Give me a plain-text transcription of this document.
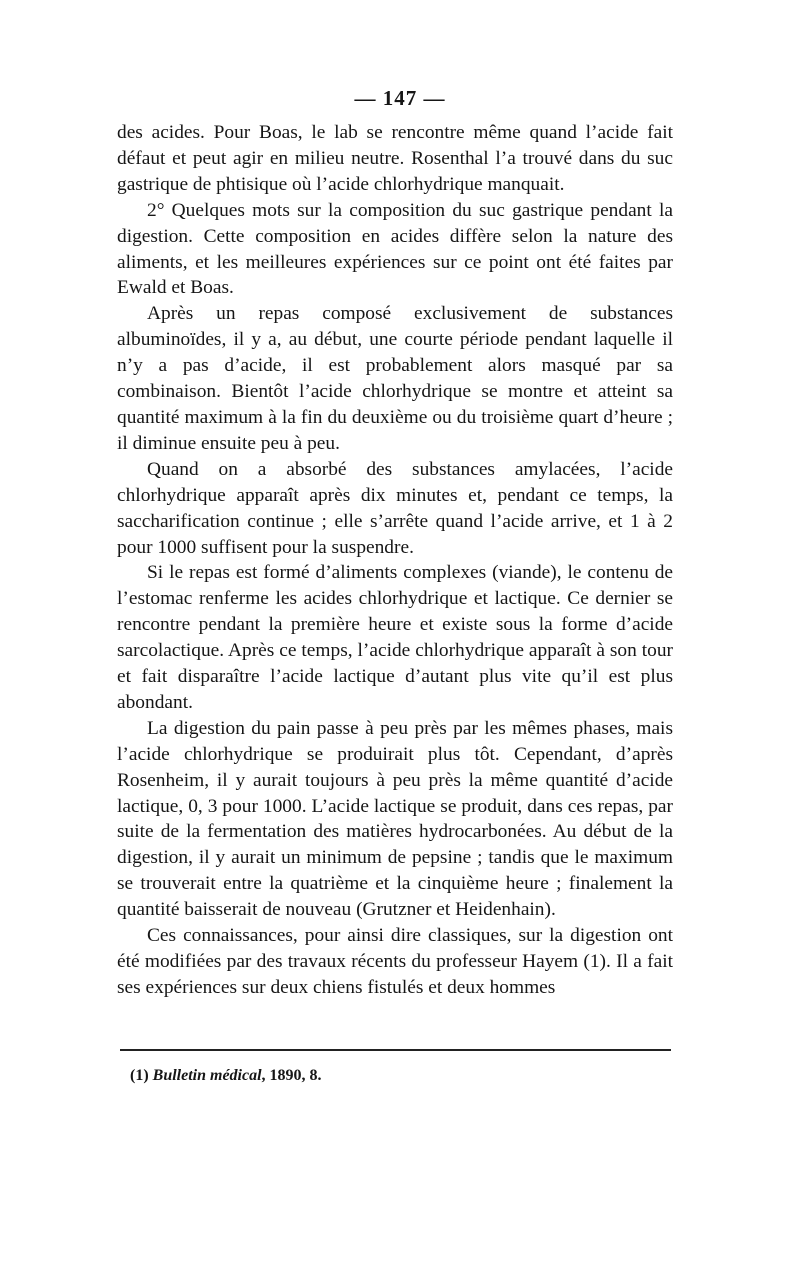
— 147 —

des acides. Pour Boas, le lab se rencontre même quand l’acide fait défaut et peut agir en milieu neutre. Rosenthal l’a trouvé dans du suc gastrique de phtisique où l’acide chlorhydrique manquait.

2° Quelques mots sur la composition du suc gastrique pendant la digestion. Cette composition en acides diffère selon la nature des aliments, et les meilleures expériences sur ce point ont été faites par Ewald et Boas.

Après un repas composé exclusivement de substances albuminoïdes, il y a, au début, une courte période pendant laquelle il n’y a pas d’acide, il est probablement alors masqué par sa combinaison. Bientôt l’acide chlorhydrique se montre et atteint sa quantité maximum à la fin du deuxième ou du troisième quart d’heure ; il diminue ensuite peu à peu.

Quand on a absorbé des substances amylacées, l’acide chlorhydrique apparaît après dix minutes et, pendant ce temps, la saccharification continue ; elle s’arrête quand l’acide arrive, et 1 à 2 pour 1000 suffisent pour la suspendre.

Si le repas est formé d’aliments complexes (viande), le contenu de l’estomac renferme les acides chlorhydrique et lactique. Ce dernier se rencontre pendant la première heure et existe sous la forme d’acide sarcolactique. Après ce temps, l’acide chlorhydrique apparaît à son tour et fait disparaître l’acide lactique d’autant plus vite qu’il est plus abondant.

La digestion du pain passe à peu près par les mêmes phases, mais l’acide chlorhydrique se produirait plus tôt. Cependant, d’après Rosenheim, il y aurait toujours à peu près la même quantité d’acide lactique, 0, 3 pour 1000. L’acide lactique se produit, dans ces repas, par suite de la fermentation des matières hydrocarbonées. Au début de la digestion, il y aurait un minimum de pepsine ; tandis que le maximum se trouverait entre la quatrième et la cinquième heure ; finalement la quantité baisserait de nouveau (Grutzner et Heidenhain).

Ces connaissances, pour ainsi dire classiques, sur la digestion ont été modifiées par des travaux récents du professeur Hayem (1). Il a fait ses expériences sur deux chiens fistulés et deux hommes

(1) Bulletin médical, 1890, 8.
